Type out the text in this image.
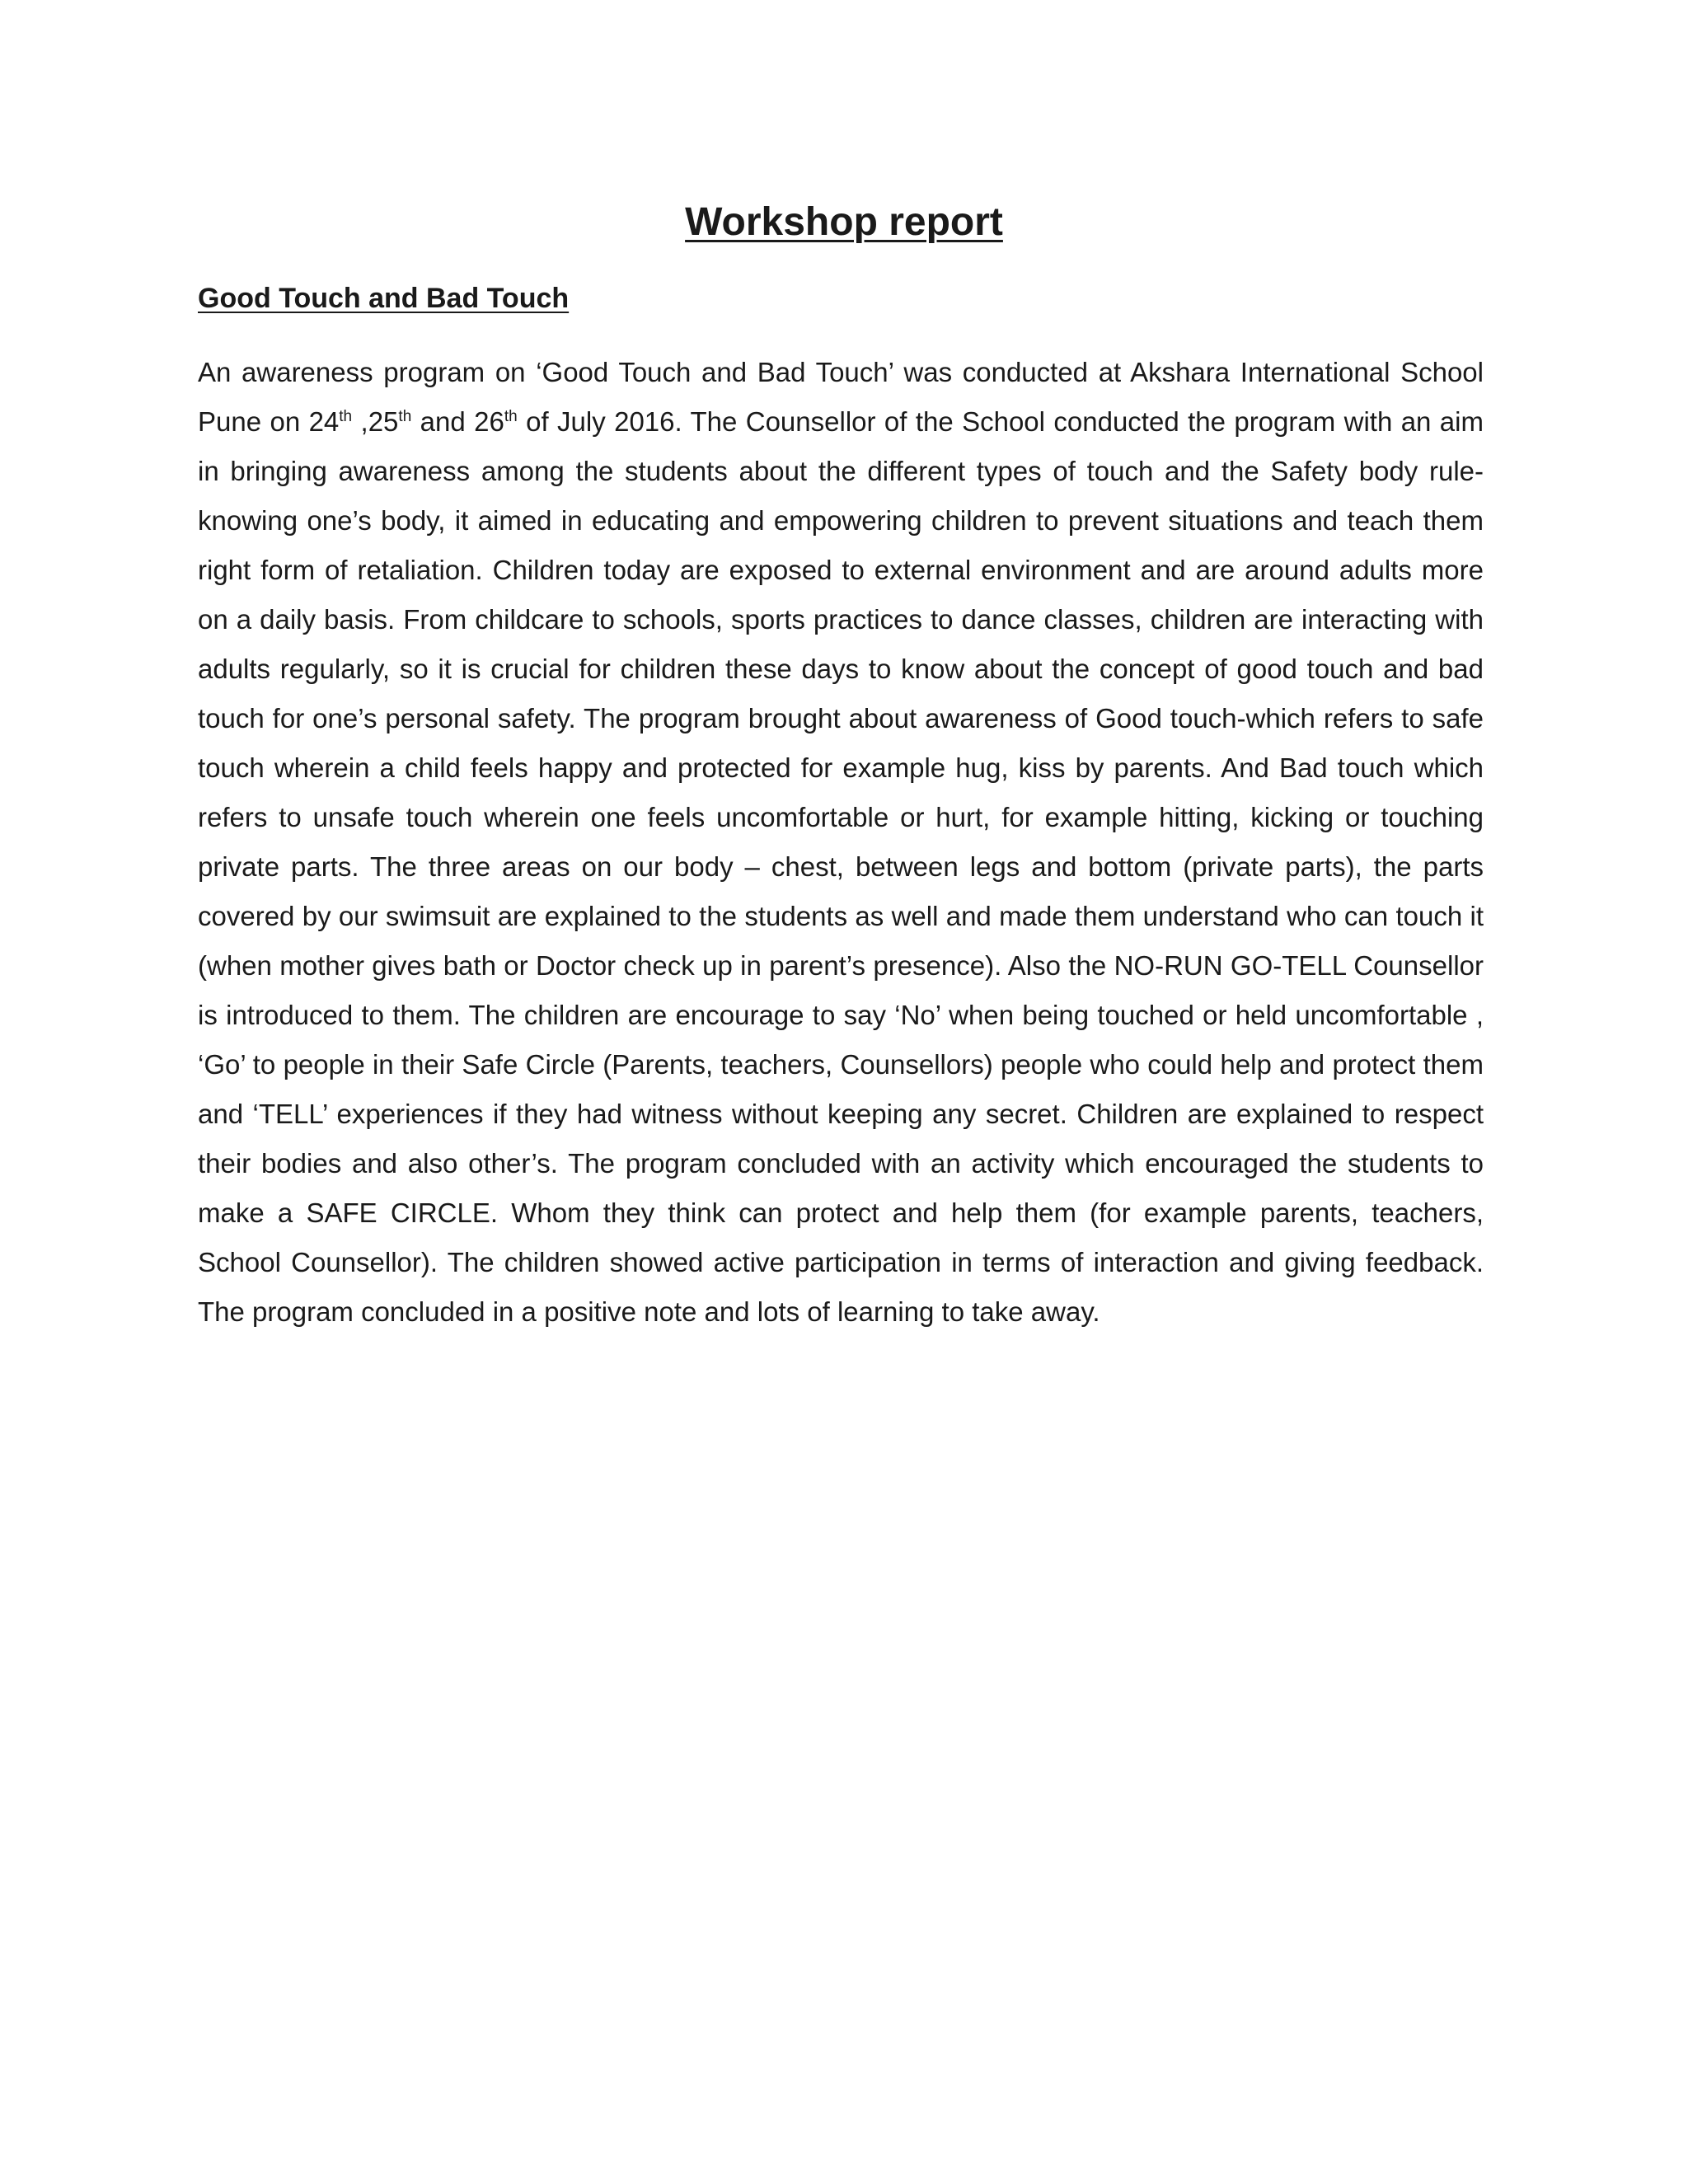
Workshop report
Good Touch and Bad Touch

An awareness program on ‘Good Touch and Bad Touch’ was conducted at Akshara International School Pune on 24th ,25th and 26th of July 2016. The Counsellor of the School conducted the program with an aim in bringing awareness among the students about the different types of touch and the Safety body rule- knowing one’s body, it aimed in educating and empowering children to prevent situations and teach them right form of retaliation. Children today are exposed to external environment and are around adults more on a daily basis. From childcare to schools, sports practices to dance classes, children are interacting with adults regularly, so it is crucial for children these days to know about the concept of good touch and bad touch for one’s personal safety. The program brought about awareness of Good touch-which refers to safe touch wherein a child feels happy and protected for example hug, kiss by parents. And Bad touch which refers to unsafe touch wherein one feels uncomfortable or hurt, for example hitting, kicking or touching private parts. The three areas on our body – chest, between legs and bottom (private parts), the parts covered by our swimsuit are explained to the students as well and made them understand who can touch it (when mother gives bath or Doctor check up in parent’s presence). Also the NO-RUN GO-TELL Counsellor is introduced to them. The children are encourage to say ‘No’ when being touched or held uncomfortable , ‘Go’ to people in their Safe Circle (Parents, teachers, Counsellors) people who could help and protect them and ‘TELL’ experiences if they had witness without keeping any secret. Children are explained to respect their bodies and also other’s. The program concluded with an activity which encouraged the students to make a SAFE CIRCLE. Whom they think can protect and help them (for example parents, teachers, School Counsellor). The children showed active participation in terms of interaction and giving feedback. The program concluded in a positive note and lots of learning to take away.
